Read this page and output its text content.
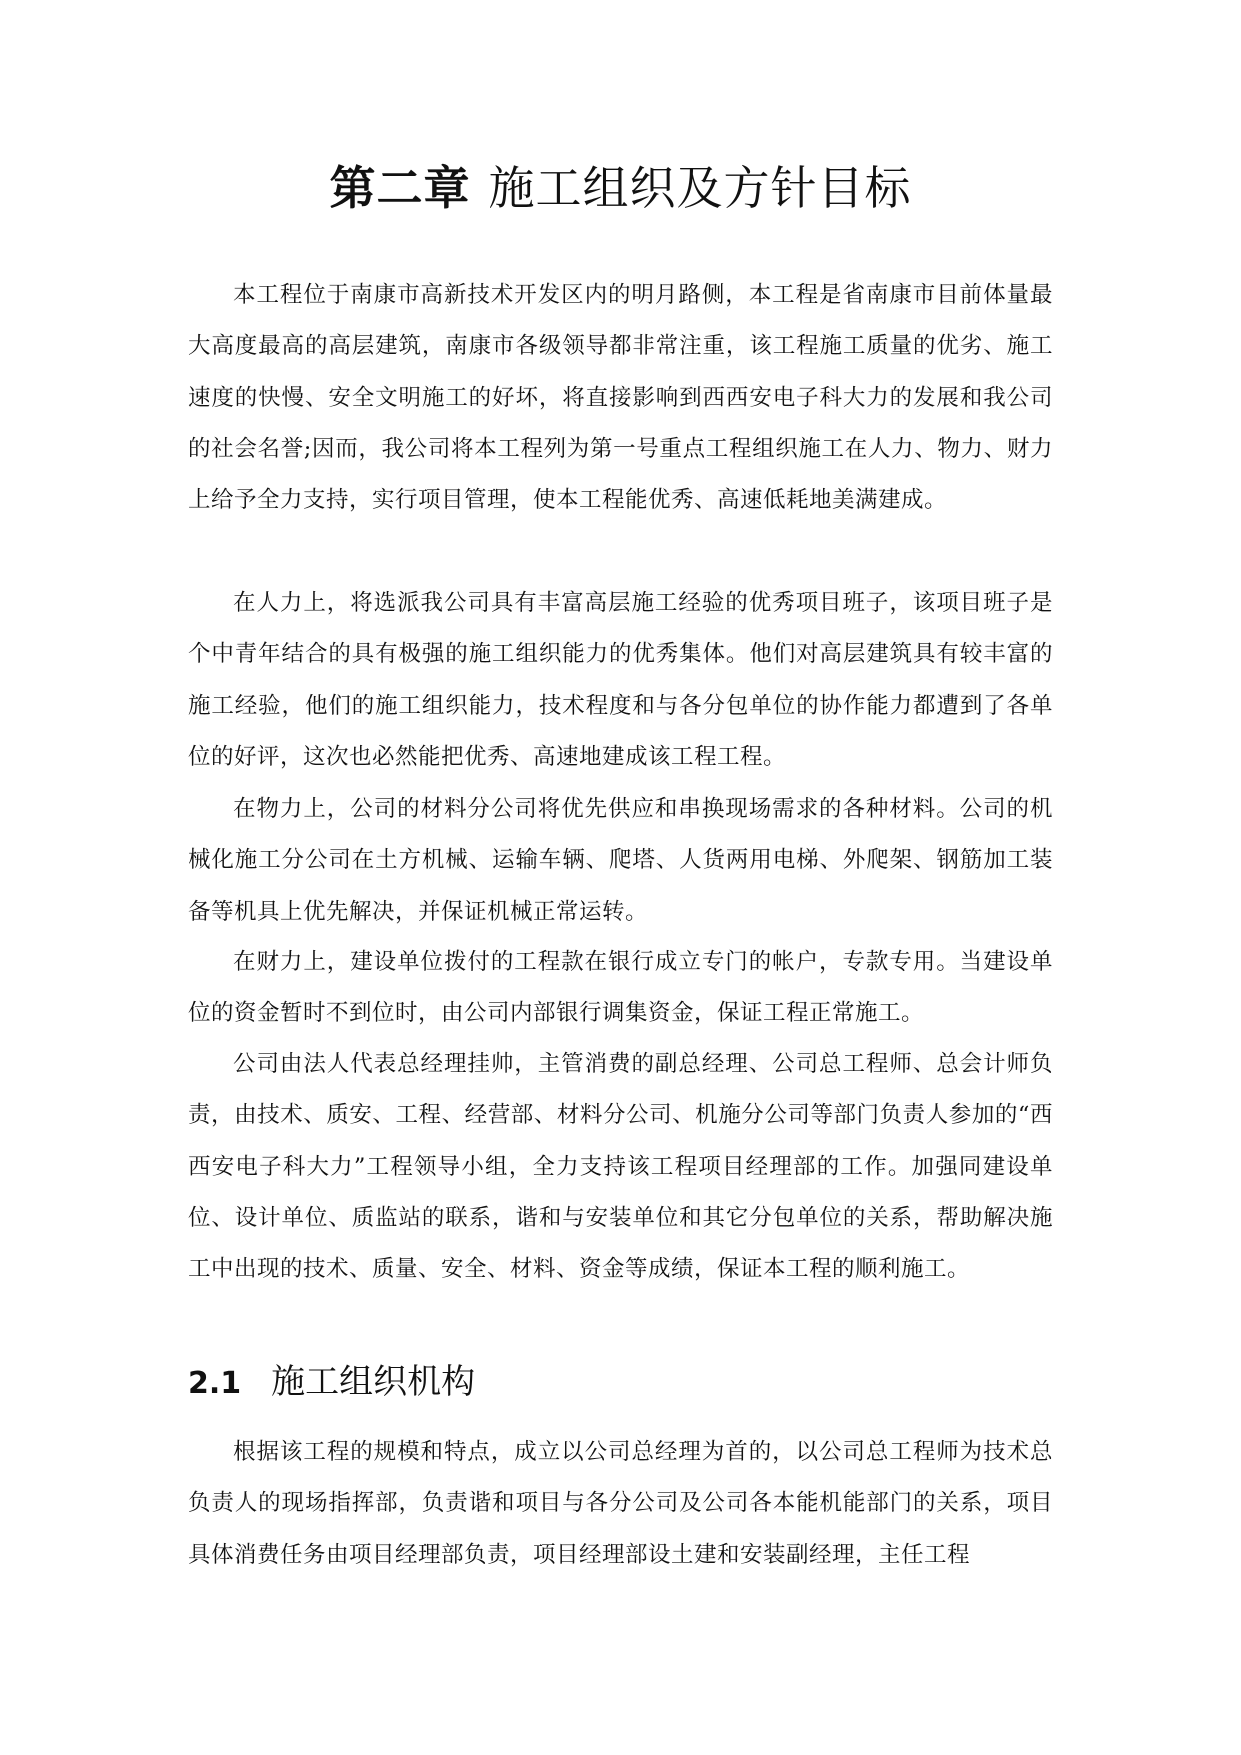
第二章 施工组织及方针目标

本工程位于南康市高新技术开发区内的明月路侧，本工程是省南康市目前体量最大高度最高的高层建筑，南康市各级领导都非常注重，该工程施工质量的优劣、施工速度的快慢、安全文明施工的好坏，将直接影响到西西安电子科大力的发展和我公司的社会名誉;因而，我公司将本工程列为第一号重点工程组织施工在人力、物力、财力上给予全力支持，实行项目管理，使本工程能优秀、高速低耗地美满建成。

在人力上，将选派我公司具有丰富高层施工经验的优秀项目班子，该项目班子是个中青年结合的具有极强的施工组织能力的优秀集体。他们对高层建筑具有较丰富的施工经验，他们的施工组织能力，技术程度和与各分包单位的协作能力都遭到了各单位的好评，这次也必然能把优秀、高速地建成该工程工程。

在物力上，公司的材料分公司将优先供应和串换现场需求的各种材料。公司的机械化施工分公司在土方机械、运输车辆、爬塔、人货两用电梯、外爬架、钢筋加工装备等机具上优先解决，并保证机械正常运转。

在财力上，建设单位拨付的工程款在银行成立专门的帐户，专款专用。当建设单位的资金暂时不到位时，由公司内部银行调集资金，保证工程正常施工。

公司由法人代表总经理挂帅，主管消费的副总经理、公司总工程师、总会计师负责，由技术、质安、工程、经营部、材料分公司、机施分公司等部门负责人参加的“西西安电子科大力”工程领导小组，全力支持该工程项目经理部的工作。加强同建设单位、设计单位、质监站的联系，谐和与安装单位和其它分包单位的关系，帮助解决施工中出现的技术、质量、安全、材料、资金等成绩，保证本工程的顺利施工。

2.1 施工组织机构

根据该工程的规模和特点，成立以公司总经理为首的，以公司总工程师为技术总负责人的现场指挥部，负责谐和项目与各分公司及公司各本能机能部门的关系，项目具体消费任务由项目经理部负责，项目经理部设土建和安装副经理，主任工程
